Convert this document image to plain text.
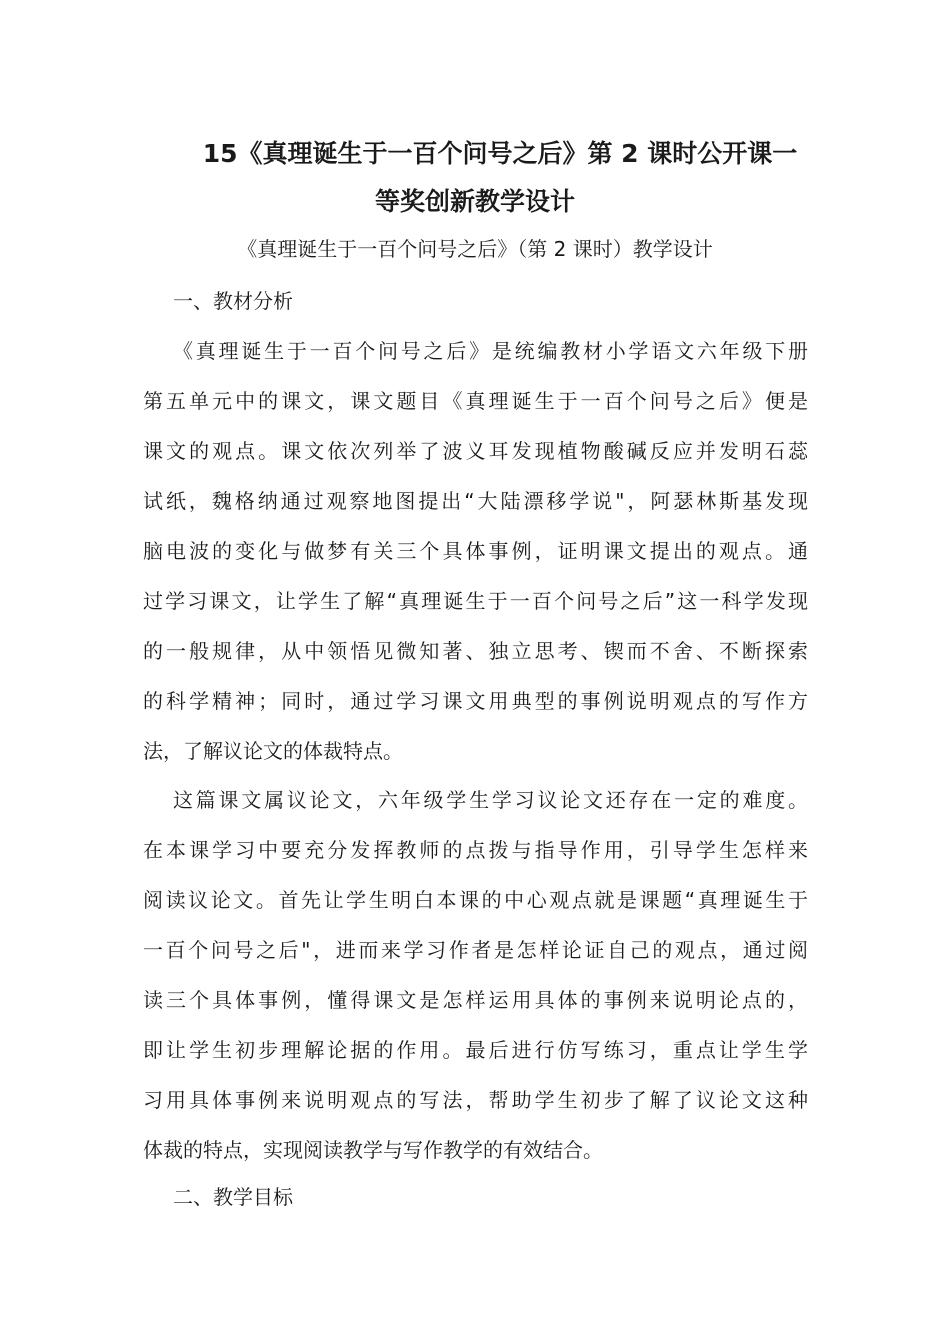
15《真理诞生于一百个问号之后》第 2 课时公开课一
等奖创新教学设计

《真理诞生于一百个问号之后》（第 2 课时）教学设计

一、教材分析

《真理诞生于一百个问号之后》是统编教材小学语文六年级下册
第五单元中的课文，课文题目《真理诞生于一百个问号之后》便是
课文的观点。课文依次列举了波义耳发现植物酸碱反应并发明石蕊
试纸，魏格纳通过观察地图提出“大陆漂移学说"，阿瑟林斯基发现
脑电波的变化与做梦有关三个具体事例，证明课文提出的观点。通
过学习课文，让学生了解“真理诞生于一百个问号之后”这一科学发现
的一般规律，从中领悟见微知著、独立思考、锲而不舍、不断探索
的科学精神；同时，通过学习课文用典型的事例说明观点的写作方
法，了解议论文的体裁特点。
这篇课文属议论文，六年级学生学习议论文还存在一定的难度。
在本课学习中要充分发挥教师的点拨与指导作用，引导学生怎样来
阅读议论文。首先让学生明白本课的中心观点就是课题“真理诞生于
一百个问号之后"，进而来学习作者是怎样论证自己的观点，通过阅
读三个具体事例，懂得课文是怎样运用具体的事例来说明论点的，
即让学生初步理解论据的作用。最后进行仿写练习，重点让学生学
习用具体事例来说明观点的写法，帮助学生初步了解了议论文这种
体裁的特点，实现阅读教学与写作教学的有效结合。

二、教学目标
